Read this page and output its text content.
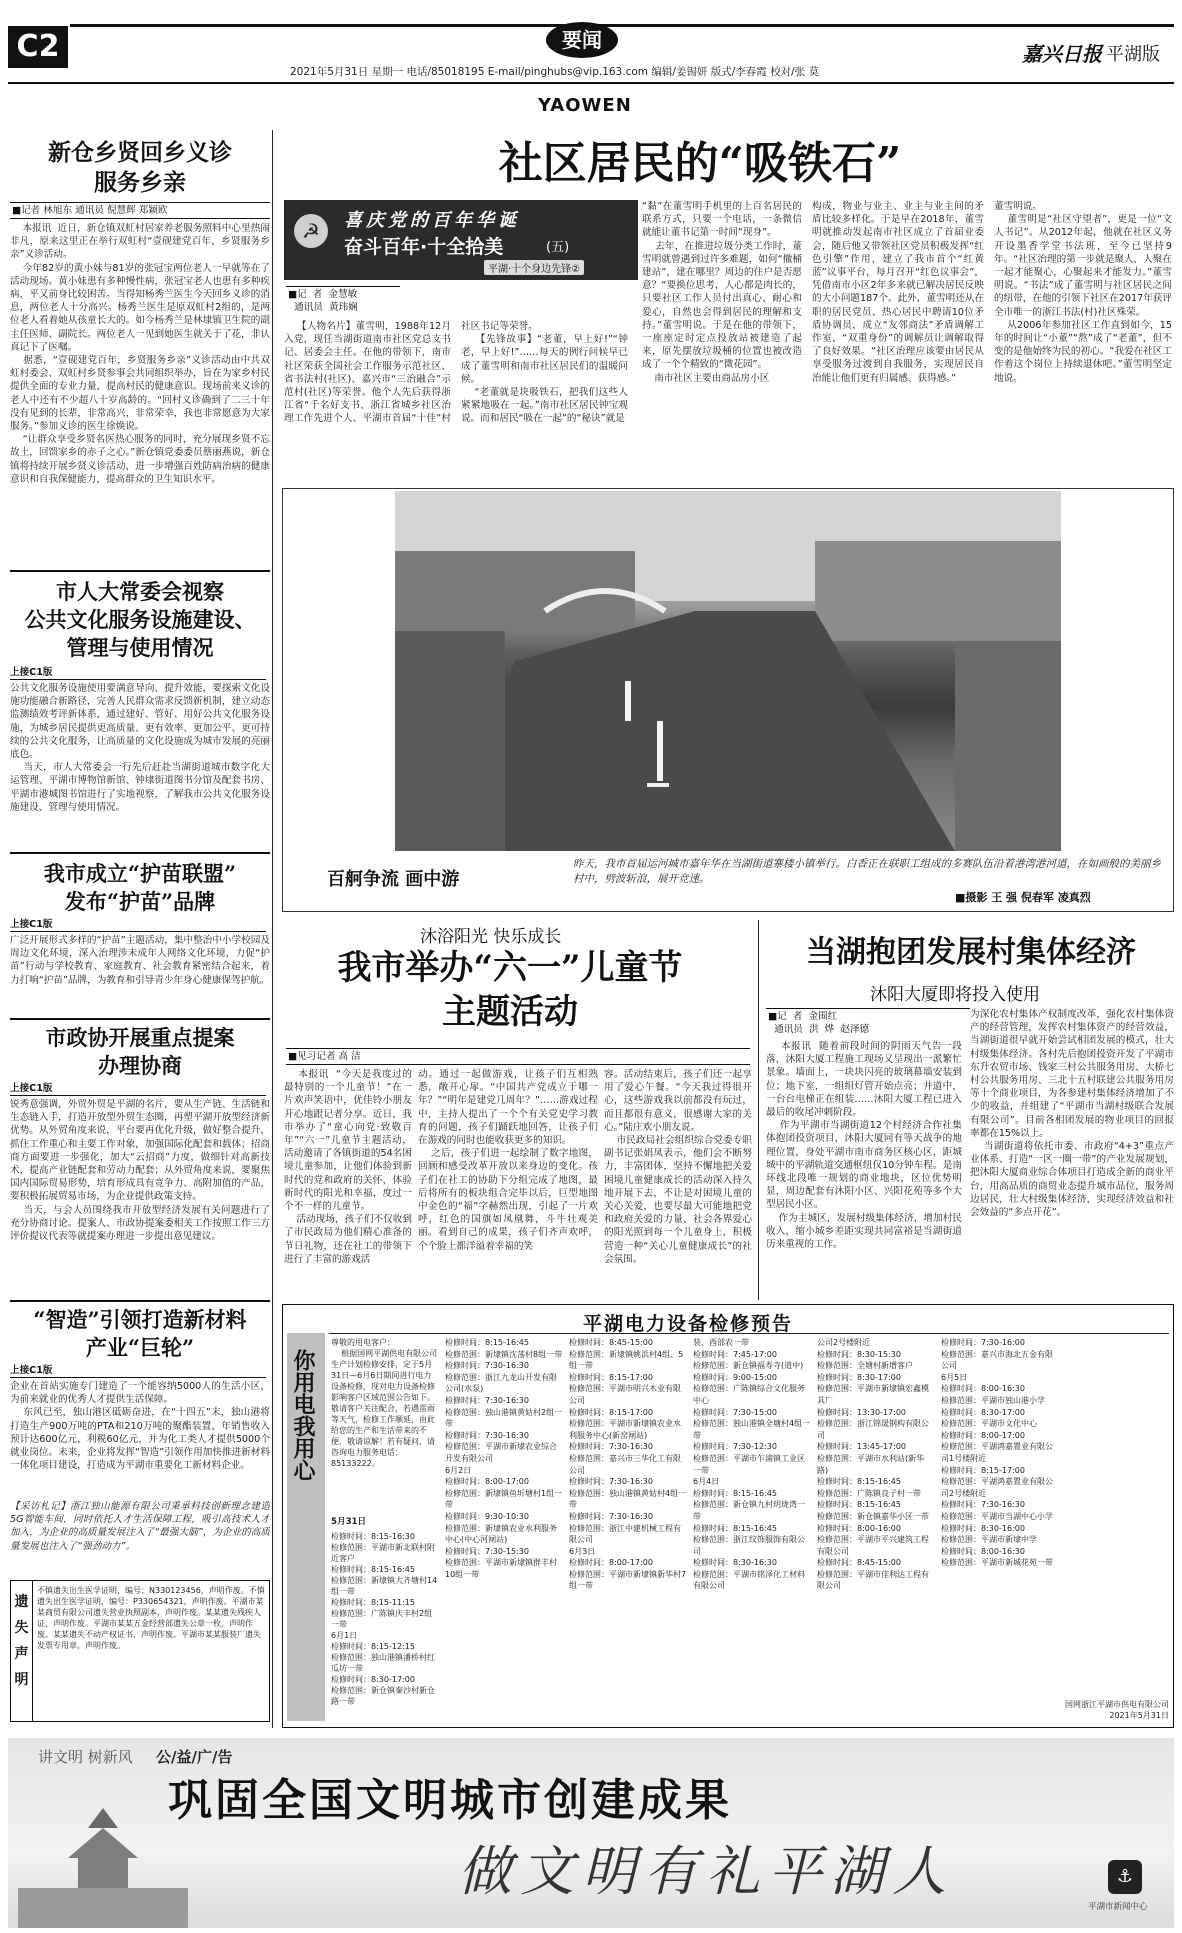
C2	要闻
2021年5月31日 星期一 电话/85018195 E-mail/pinghubs@vip.163.com 编辑/姜锡妍 版式/李春霞 校对/张 莫
嘉兴日报 平湖版
YAOWEN
新仓乡贤回乡义诊
服务乡亲
■记者 林旭东 通讯员 倪慧辉 郑颖欧
本报讯  近日，新仓镇双虹村居家养老服务照料中心里热闹非凡，原来这里正在举行双虹村“壹砚建党百年，乡贤服务乡亲”义诊活动。
今年82岁的黄小妹与81岁的张冠宝两位老人一早就等在了活动现场。黄小妹患有多种慢性病，张冠宝老人也患有多种疾病，平又前身比较困苦。当得知杨秀兰医生今天回乡义诊的消息，两位老人十分高兴。杨秀兰医生是原双虹村2组的，是两位老人看着她从孩童长大的。如今杨秀兰是林埭镇卫生院的副主任医师、副院长。两位老人一见到她医生就关于了花，非认真记下了医嘱。
据悉，“壹砚建党百年，乡贤服务乡亲”义诊活动由中共双虹村委会、双虹村乡贤参事会共同组织举办，旨在为家乡村民提供全面的专业力量，提高村民的健康意识。现场前来义诊的老人中还有不少超八十岁高龄的。“回村义诊确到了二三十年没有见到的长辈，非常高兴，非常荣幸，我也非常愿意为大家服务。”参加义诊的医生徐焕说。
“让群众享受乡贤名医热心服务的同时，充分展现乡贤不忘故土，回馈家乡的赤子之心。”新仓镇党委委员蔡丽燕说，新仓镇将持续开展乡贤义诊活动，进一步增强百姓防病治病的健康意识和自我保健能力，提高群众的卫生知识水平。
市人大常委会视察
公共文化服务设施建设、
管理与使用情况
上接C1版
公共文化服务设施使用要满意导向、提升效能，要探索文化设施功能融合新路径，完善人民群众需求反馈新机制，建立动态监测绩效考评新体系，通过建好、管好、用好公共文化服务设施，为城乡居民提供更高质量、更有效率、更加公平、更可持续的公共文化服务，让高质量的文化设施成为城市发展的亮丽底色。
当天，市人大常委会一行先后赶赴当湖街道城市数字化大运管理、平湖市博物馆新馆、钟埭街道图书分馆及配套书房、平湖市港城图书馆进行了实地视察，了解我市公共文化服务设施建设、管理与使用情况。
我市成立“护苗联盟”
发布“护苗”品牌
上接C1版
广泛开展形式多样的“护苗”主题活动，集中整治中小学校园及周边文化环境，深入治理涉未成年人网络文化环境，力促“护苗”行动与学校教育、家庭教育、社会教育紧密结合起来，着力打响“护苗”品牌，为教育和引导青少年身心健康保驾护航。
市政协开展重点提案
办理协商
上接C1版
锐秀意强调，外贸外贸是平湖的名片，要从生产链、生活链和生态链入手，打造开放型外贸生态圈，再塑平湖开放型经济新优势。从外贸角度来说，平台要再优化升级，做好整合提升，抓住工作重心和主要工作对象，加强国际化配套和载体；招商商方面要进一步强化，加大“云招商”力度，做细针对高新技术，提高产业链配套和劳动力配套；从外贸角度来说，要聚焦国内国际贸易形势，培育形成具有竞争力、高附加值的产品，要积极拓展贸易市场，为企业提供政策支持。
当天，与会人员围绕我市开放型经济发展有关问题进行了充分协商讨论。提案人、市政协提案委相关工作按照工作三方评价提议代表等就提案办理进一步提出意见建议。
“智造”引领打造新材料
产业“巨轮”
上接C1版
企业在首站实施专门建造了一个能容纳5000人的生活小区，为前来就业的优秀人才提供生活保障。
东风已至，独山港区砥砺奋进，在“十四五”末，独山港将打造生产900万吨的PTA和210万吨的聚酯装置，年销售收入预计达600亿元，利税60亿元，并为化工类人才提供5000个就业岗位。未来，企业将发挥“智造”引领作用加快推进新材料一体化项目建设，打造成为平湖市重要化工新材料企业。
【采访札记】浙江独山能源有限公司秉承科技创新理念建造5G智能车间，同时依托人才生活保障工程，吸引高技术人才加入，为企业的高质量发展注入了“最强大脑”，为企业的高质量发展也注入了“强劲动力”。
遗
失
声
明
不慎遗失出生医学证明，编号：N330123456，声明作废。不慎遗失出生医学证明，编号：P330654321，声明作废。平湖市某某商贸有限公司遗失营业执照副本，声明作废。某某遗失残疾人证，声明作废。平湖市某某五金经营部遗失公章一枚，声明作废。某某遗失不动产权证书，声明作废。平湖市某某服装厂遗失发票专用章，声明作废。
社区居民的“吸铁石”
☭	喜庆党的百年华诞
奋斗百年·十全拾美	(五)
平湖·十个身边先锋②
■记  者  金慧敏
通讯员  黄玮娴
【人物名片】董雪明，1988年12月入党，现任当湖街道南市社区党总支书记、居委会主任。在他的带领下，南市社区荣获全国社会工作服务示范社区、省书法村(社区)、嘉兴市“三治融合”示范村(社区)等荣誉。他个人先后获得浙江省“千名好支书、浙江省城乡社区治理工作先进个人、平湖市首届“十佳”村社区书记等荣誉。
【先锋故事】“老董，早上好!”“钟老，早上好!”……每天的例行问候早已成了董雪明和南市社区居民们的温暖问候。
“老董就是块吸铁石，把我们这些人紧紧地吸在一起。”南市社区居民钟宝观说。而和居民“吸在一起”的“秘诀”就是
“黏”在董雪明手机里的上百名居民的联系方式，只要一个电话，一条微信就能让董书记第一时间“现身”。
去年，在推进垃圾分类工作时，董雪明就曾遇到过许多难题，如何“撤桶建站”，建在哪里？周边的住户是否愿意？“要换位思考，人心都是肉长的，只要社区工作人员付出真心、耐心和爱心，自然也会得到居民的理解和支持。”董雪明说。于是在他的带领下，一座座定时定点投放站被建造了起来，原先摆放垃圾桶的位置也被改造成了一个个精致的“微花园”。
南市社区主要由商品房小区
构成，物业与业主、业主与业主间的矛盾比较多样化。于是早在2018年，董雪明就推动发起南市社区成立了首届业委会，随后他又带领社区党员积极发挥“红色引擎”作用，建立了我市首个“红黄蓝”议事平台，每月召开“红色议事会”，凭借南市小区2年多来就已解决居民反映的大小问题187个。此外，董雪明还从在职的居民党员、热心居民中聘请10位矛盾协调员，成立“友邻商法”矛盾调解工作室，“双重身份”的调解员让调解取得了良好效果。“社区治理应该要由居民从享受服务过渡到自我服务，实现居民自治能让他们更有归属感、获得感。”
董雪明说。
董雪明是“社区守望者”，更是一位“文人书记”。从2012年起，他就在社区义务开设墨香学堂书法班，至今已坚持9年。“社区治理的第一步就是聚人，人聚在一起才能聚心，心聚起来才能发力。”董雪明说。“书法”成了董雪明与社区居民之间的纽带，在他的引领下社区在2017年获评全市唯一的浙江书法(村)社区殊荣。
从2006年参加社区工作直到如今，15年的时间让“小董”“熬”成了“老董”，但不变的是他始终为民的初心。“我爱在社区工作着这个岗位上持续退休吧。”董雪明坚定地说。
百舸争流 画中游
昨天，我市首届运河城市嘉年华在当湖街道寨楼小镇举行。白香正在联职工组成的多赛队伍沿着港湾港河道，在如画般的美丽乡村中，劈波斩浪，展开竞速。
■摄影 王 强 倪春军 凌真烈
沐浴阳光 快乐成长
我市举办“六一”儿童节
主题活动
■见习记者 高 洁
本报讯  “今天是我度过的最特别的一个儿童节！”在一片欢声笑语中，优佳铃小朋友开心地跟记者分享。近日，我市举办了“童心向党·致敬百年”“六一”儿童节主题活动，活动邀请了各镇街道的54名困境儿童参加，让他们体验到新时代的党和政府的关怀，体验新时代的阳光和幸福，度过一个不一样的儿童节。
活动现场，孩子们不仅收到了市民政局为他们精心准备的节日礼物，还在社工的带领下进行了丰富的游戏活
动。通过一起做游戏，让孩子们互相熟悉，敞开心扉。“中国共产党成立于哪一年？”“明年是建党几周年？”……游戏过程中，主持人提出了一个个有关党史学习教育的问题，孩子们踊跃地回答，让孩子们在游戏的同时也能收获更多的知识。
之后，孩子们进一起绘制了数字地图，回顾和感受改革开放以来身边的变化。孩子们在社工的协助下分组完成了地图，最后将所有的板块组合完毕以后，巨型地图中金色的“福”字赫然出现，引起了一片欢呼，红色的国旗如凤凰舞，斗牛壮观美丽。看到自己的成果，孩子们齐声欢呼，个个脸上都洋溢着幸福的笑
容。活动结束后，孩子们还一起享用了爱心午餐。“今天我过得很开心，这些游戏我以前都没有玩过，而且都很有意义，很感谢大家的关心。”陆庄欢小朋友说。
市民政局社会组织综合党委专职副书记张娟凤表示，他们会不断努力，丰富团体，坚持不懈地把关爱困境儿童健康成长的活动深入持久地开展下去，不让是对困境儿童的关心关爱，也要尽最大可能地把党和政府关爱的力量、社会各界爱心的阳光照到每一个儿童身上，积极营造一种“关心儿童健康成长”的社会氛围。
当湖抱团发展村集体经济
沐阳大厦即将投入使用
■记  者  金围红
通讯员  洪  烨  赵泽德
本报讯  随着前段时间的阴雨天气告一段落，沐阳大厦工程施工现场又呈现出一派繁忙景象。墙面上，一块块闪亮的玻璃幕墙安装到位；地下室，一组组灯管开始点亮；井道中，一台台电梯正在组装……沐阳大厦工程已进入最后的收尾冲刺阶段。
作为平湖市当湖街道12个村经济合作社集体抱团投资项目，沐阳大厦同有等天战争的地理位置，身处平湖市南市商务区核心区，距城城中的平湖轨道交通枢纽仅10分钟车程。是南环线北段唯一规划的商业地块，区位优势明显，周边配套有沐阳小区、兴阳花苑等多个大型居民小区。
作为主城区，发展村级集体经济，增加村民收入，缩小城乡差距实现共同富裕是当湖街道历来重视的工作。
为深化农村集体产权制度改革，强化农村集体资产的经营管理，发挥农村集体资产的经营效益，当湖街道很早就开始尝试相团发展的模式，壮大村级集体经济。各村先后抱团投资开发了平湖市东升农贸市场、钱家三村公共服务用房、大桥七村公共服务用房、三北十五村联建公共服务用房等十个商业项目，为各参建村集体经济增加了不少的收益，并组建了“平湖市当湖村级联合发展有限公司”。目前各相团发展的物业项目的回报率都在15%以上。
当湖街道将依托市委、市政府“4+3”重点产业体系、打造“一区一圈一带”的产业发展规划，把沐阳大厦商业综合体项目打造成全新的商业平台，用高品质的商贸业态提升城市品位，服务周边居民，壮大村级集体经济，实现经济效益和社会效益的“多点开花”。
你用电我用心
平湖电力设备检修预告
尊敬的用电客户：
根据国网平湖供电有限公司生产计划检修安排，定于5月31日—6月6日期间进行电力设备检修，现对电力设备检修影响客户区域范围公告如下。敬请客户关注配合，若遇雷雨等天气，检修工作顺延，由此给您的生产和生活带来的不便，敬请谅解！若有疑问，请咨询电力服务电话：85133222。
5月31日
检修时间：8:15-16:30
检修范围：平湖市新北联村附近客户
检修时间：8:15-16:45
检修范围：新埭镇大齐塘村14组一带
检修时间：8:15-11:15
检修范围：广陈镇庆丰村2组一带
6月1日
检修时间：8:15-12:15
检修范围：独山港镇潘桥村红瓜坊一带
检修时间：8:30-17:00
检修范围：新仓镇秦沙村新仓路一带
检修时间：8:15-16:45
检修范围：新埭镇沈荡村8组一带
检修时间：7:30-16:30
检修范围：浙江九龙山开发有限公司(水泵)
检修时间：7:30-16:30
检修范围：独山港镇黄姑村2组一带
检修时间：7:30-16:30
检修范围：平湖市新埭农业综合开发有限公司
6月2日
检修时间：8:00-17:00
检修范围：新埭镇鱼圻塘村1组一带
检修时间：9:30-10:30
检修范围：新埭镇农业水利服务中心(中心河闸站)
检修时间：7:30-15:30
检修范围：平湖市新埭镇群丰村10组一带
检修时间：8:45-15:00
检修范围：新埭镇姚浜村4组、5组一带
检修时间：8:15-17:00
检修范围：平湖市明兴木业有限公司
检修时间：8:15-17:00
检修范围：平湖市新埭镇农业水利服务中心(新窑闸站)
检修时间：7:30-16:30
检修范围：嘉兴市三华化工有限公司
检修时间：7:30-16:30
检修范围：独山港镇黄姑村4组一带
检修时间：7:30-16:30
检修范围：浙江中建机械工程有限公司
6月3日
检修时间：8:00-17:00
检修范围：平湖市新埭镇新华村7组一带
装、西部农一带
检修时间：7:45-17:00
检修范围：新仓镇福寿寺(道中)
检修时间：9:00-15:00
检修范围：广陈镇综合文化服务中心
检修时间：7:30-15:00
检修范围：独山港镇全塘村4组一带
检修时间：7:30-12:30
检修范围：平湖市乍浦镇工业区一带
6月4日
检修时间：8:15-16:45
检修范围：新仓镇九村玥珑湾一带
检修时间：8:15-16:45
检修范围：浙江纹饰服饰有限公司
检修时间：8:30-16:30
检修范围：平湖市铭泽化工材料有限公司
公司2号楼附近
检修时间：8:30-15:30
检修范围：全塘村新增客户
检修时间：8:30-17:00
检修范围：平湖市新埭镇宏鑫模具厂
检修时间：13:30-17:00
检修范围：浙江锦晟钢构有限公司
检修时间：13:45-17:00
检修范围：平湖市水利站(新华路)
检修时间：8:15-16:45
检修范围：广陈镇良子村一带
检修时间：8:15-16:45
检修范围：新仓镇嘉华小区一带
检修时间：8:00-16:00
检修范围：平湖市平兴建筑工程有限公司
检修时间：8:45-15:00
检修范围：平湖市佳利达工程有限公司
检修时间：7:30-16:00
检修范围：嘉兴市海北五金有限公司
6月5日
检修时间：8:00-16:30
检修范围：平湖市独山港小学
检修时间：8:30-17:00
检修范围：平湖市文化中心
检修时间：8:00-17:00
检修范围：平湖鸿嘉置业有限公司1号楼附近
检修时间：8:15-17:00
检修范围：平湖鸿嘉置业有限公司2号楼附近
检修时间：7:30-16:30
检修范围：平湖市当湖中心小学
检修时间：8:30-16:00
检修范围：平湖市新埭中学
检修时间：8:00-16:30
检修范围：平湖市新城花苑一带
国网浙江平湖市供电有限公司
2021年5月31日
讲文明 树新风 公/益/广/告
巩固全国文明城市创建成果
做文明有礼平湖人	⚓
平湖市新闻中心
